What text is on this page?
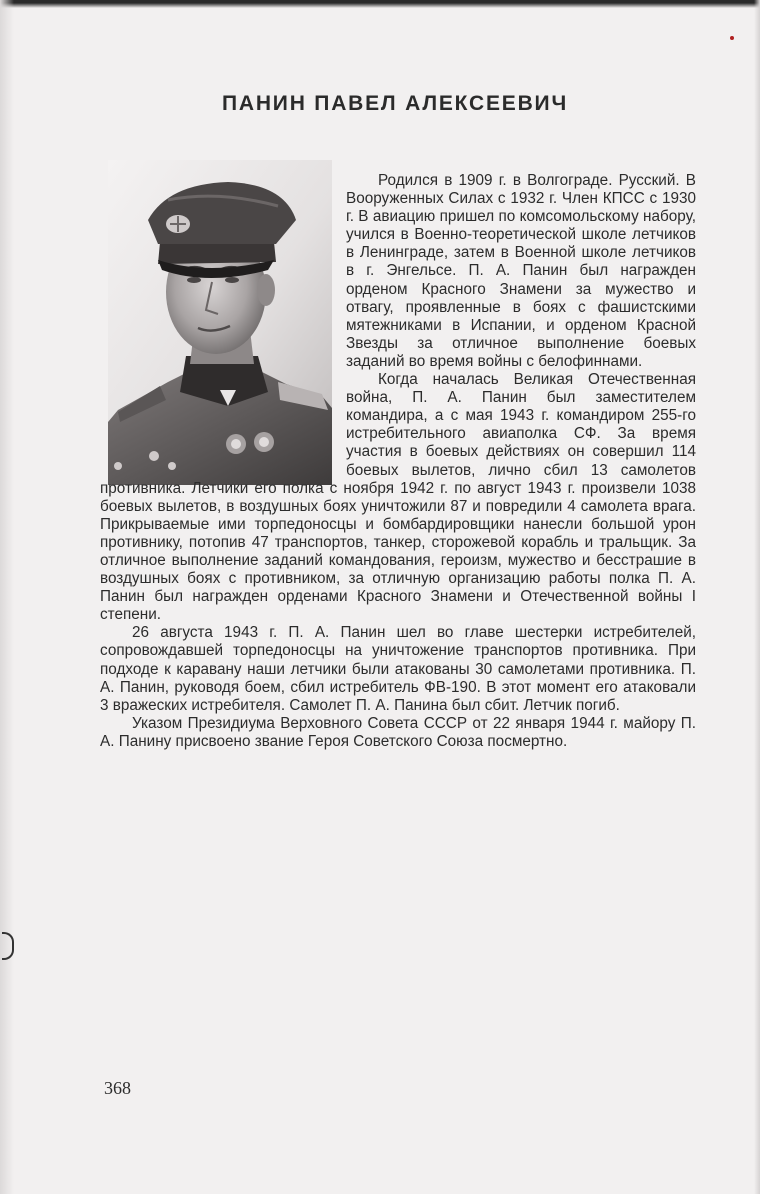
ПАНИН ПАВЕЛ АЛЕКСЕЕВИЧ

Родился в 1909 г. в Волгограде. Русский. В Вооруженных Силах с 1932 г. Член КПСС с 1930 г. В авиацию пришел по комсомольскому набору, учился в Военно-теоретической школе летчиков в Ленинграде, затем в Военной школе летчиков в г. Энгельсе. П. А. Панин был награжден орденом Красного Знамени за мужество и отвагу, проявленные в боях с фашистскими мятежниками в Испании, и орденом Красной Звезды за отличное выполнение боевых заданий во время войны с белофиннами.

Когда началась Великая Отечественная война, П. А. Панин был заместителем командира, а с мая 1943 г. командиром 255-го истребительного авиаполка СФ. За время участия в боевых действиях он совершил 114 боевых вылетов, лично сбил 13 самолетов противника. Летчики его полка с ноября 1942 г. по август 1943 г. произвели 1038 боевых вылетов, в воздушных боях уничтожили 87 и повредили 4 самолета врага. Прикрываемые ими торпедоносцы и бомбардировщики нанесли большой урон противнику, потопив 47 транспортов, танкер, сторожевой корабль и тральщик. За отличное выполнение заданий командования, героизм, мужество и бесстрашие в воздушных боях с противником, за отличную организацию работы полка П. А. Панин был награжден орденами Красного Знамени и Отечественной войны I степени.

26 августа 1943 г. П. А. Панин шел во главе шестерки истребителей, сопровождавшей торпедоносцы на уничтожение транспортов противника. При подходе к каравану наши летчики были атакованы 30 самолетами противника. П. А. Панин, руководя боем, сбил истребитель ФВ-190. В этот момент его атаковали 3 вражеских истребителя. Самолет П. А. Панина был сбит. Летчик погиб.

Указом Президиума Верховного Совета СССР от 22 января 1944 г. майору П. А. Панину присвоено звание Героя Советского Союза посмертно.

368
